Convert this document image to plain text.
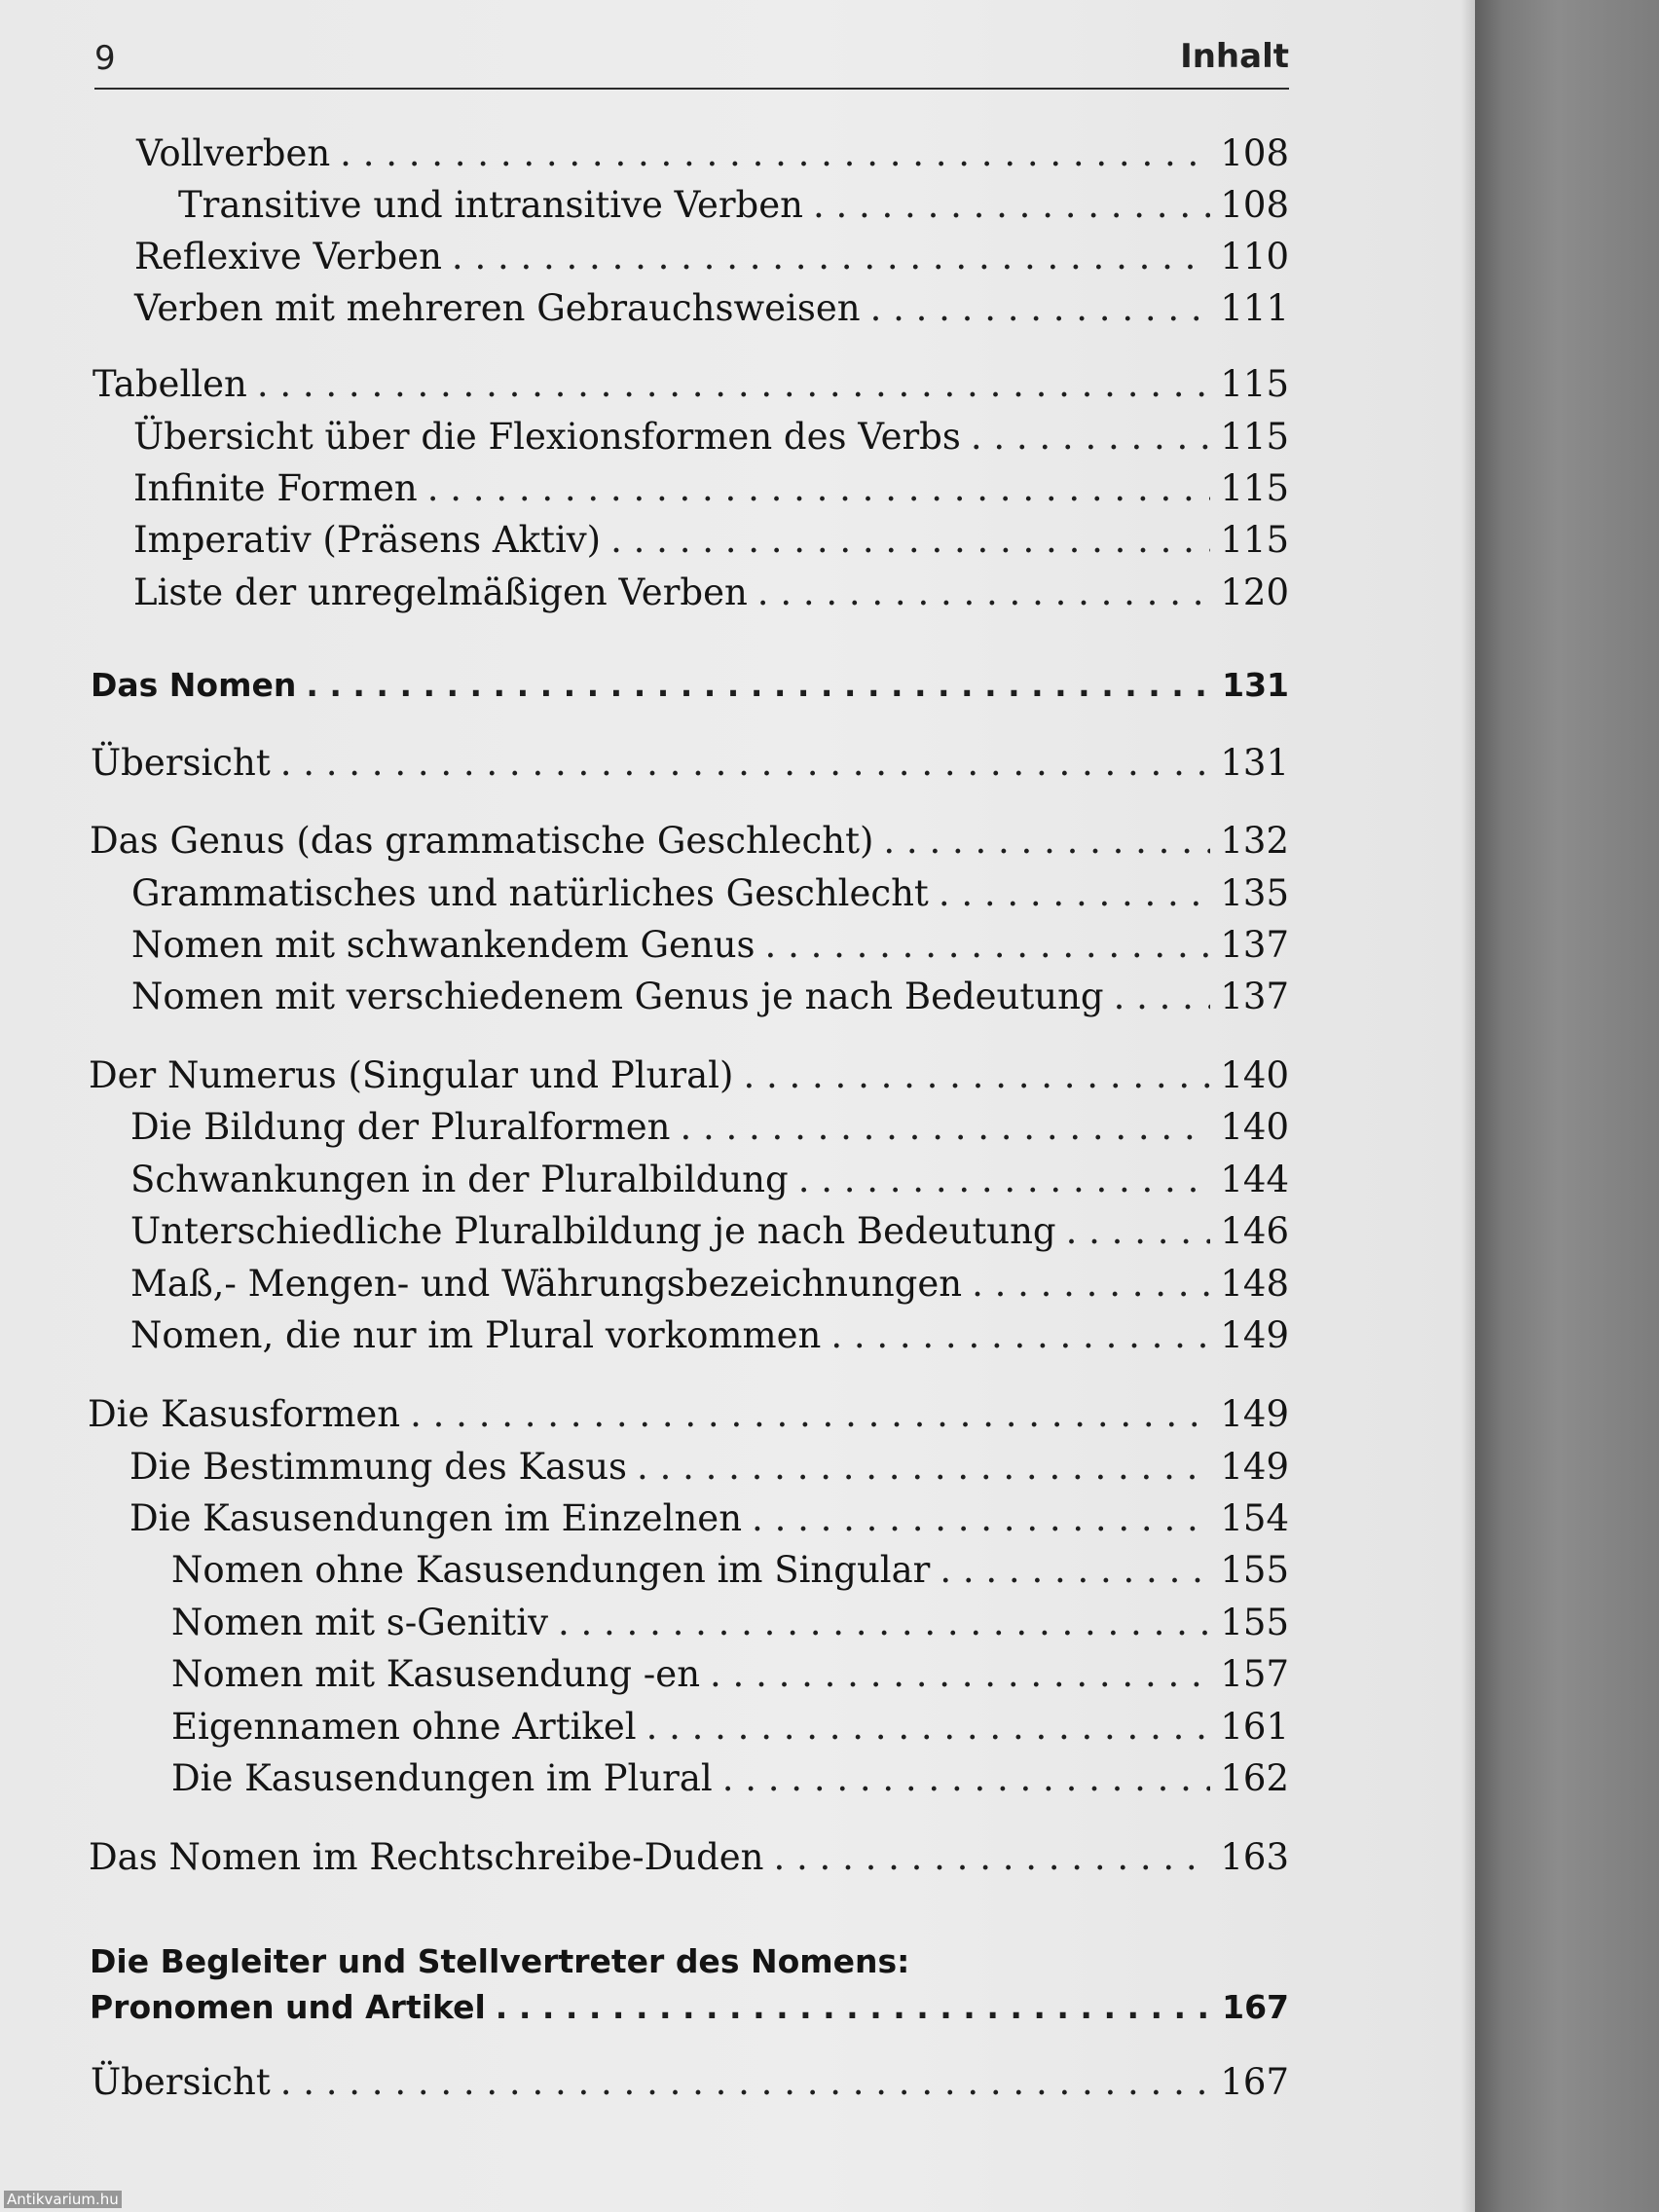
9	Inhalt
Vollverben . . .	108
Transitive und intransitive Verben . . .	108
Reflexive Verben . . .	110
Verben mit mehreren Gebrauchsweisen . . .	111
Tabellen . . .	115
Übersicht über die Flexionsformen des Verbs . . .	115
Infinite Formen . . .	115
Imperativ (Präsens Aktiv) . . .	115
Liste der unregelmäßigen Verben . . .	120
Das Nomen . . .	131
Übersicht . . .	131
Das Genus (das grammatische Geschlecht) . . .	132
Grammatisches und natürliches Geschlecht . . .	135
Nomen mit schwankendem Genus . . .	137
Nomen mit verschiedenem Genus je nach Bedeutung . . .	137
Der Numerus (Singular und Plural) . . .	140
Die Bildung der Pluralformen . . .	140
Schwankungen in der Pluralbildung . . .	144
Unterschiedliche Pluralbildung je nach Bedeutung . . .	146
Maß,- Mengen- und Währungsbezeichnungen . . .	148
Nomen, die nur im Plural vorkommen . . .	149
Die Kasusformen . . .	149
Die Bestimmung des Kasus . . .	149
Die Kasusendungen im Einzelnen . . .	154
Nomen ohne Kasusendungen im Singular . . .	155
Nomen mit s-Genitiv . . .	155
Nomen mit Kasusendung -en . . .	157
Eigennamen ohne Artikel . . .	161
Die Kasusendungen im Plural . . .	162
Das Nomen im Rechtschreibe-Duden . . .	163
Die Begleiter und Stellvertreter des Nomens:
Pronomen und Artikel . . .	167
Übersicht . . .	167
Antikvarium.hu
